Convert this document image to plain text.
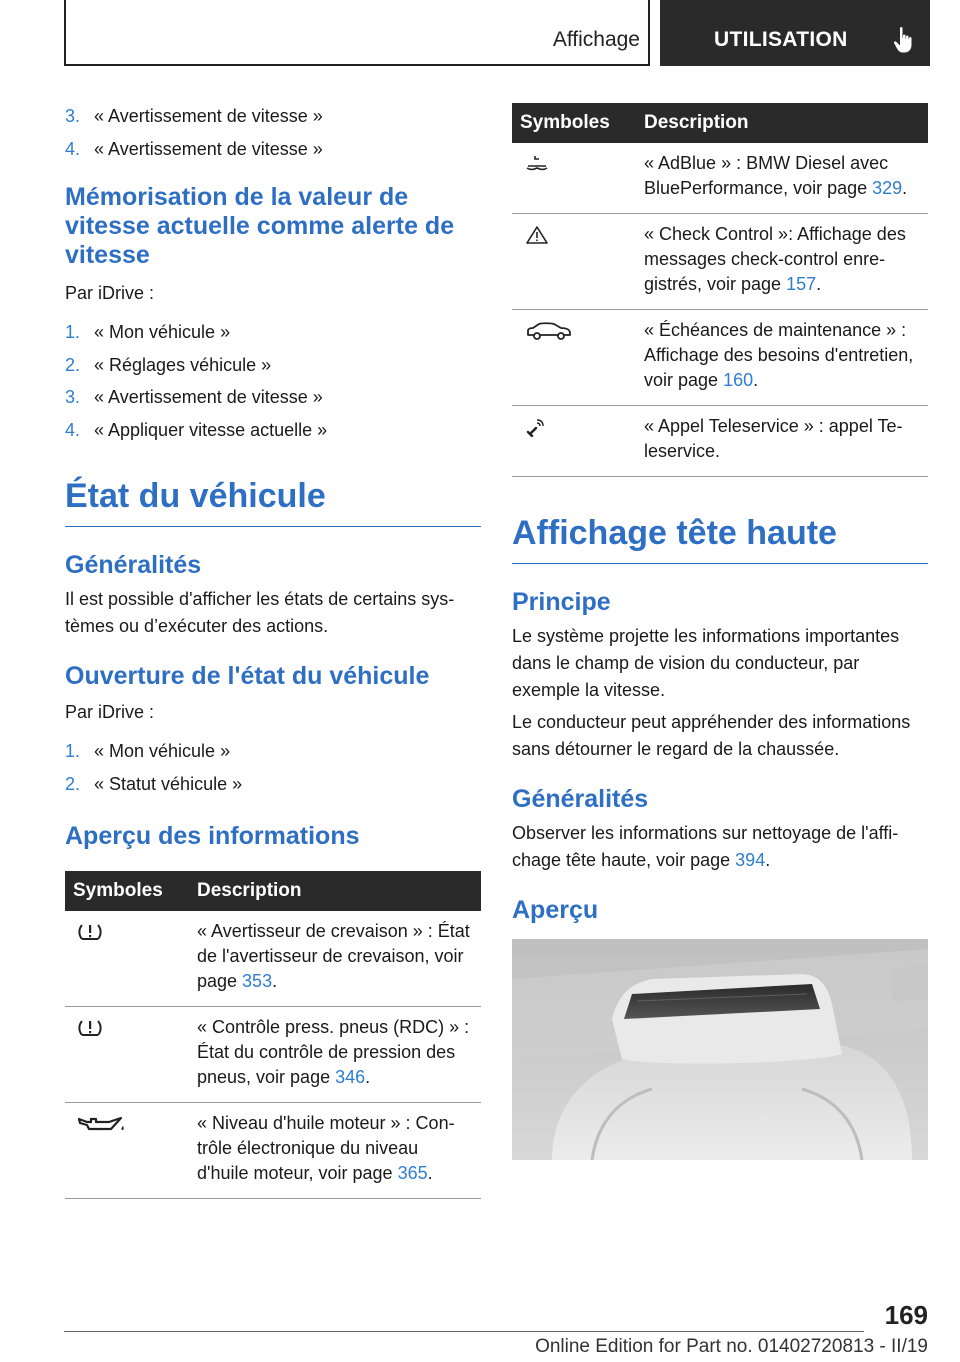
Affichage	UTILISATION
3. « Avertissement de vitesse »
4. « Avertissement de vitesse »
Mémorisation de la valeur de vitesse actuelle comme alerte de vitesse
Par iDrive :
1. « Mon véhicule »
2. « Réglages véhicule »
3. « Avertissement de vitesse »
4. « Appliquer vitesse actuelle »
État du véhicule
Généralités
Il est possible d'afficher les états de certains systèmes ou d’exécuter des actions.
Ouverture de l'état du véhicule
Par iDrive :
1. « Mon véhicule »
2. « Statut véhicule »
Aperçu des informations
Symboles	Description

	« Avertisseur de crevaison » : État de l'avertisseur de crevaison, voir page 353.

	« Contrôle press. pneus (RDC) » : État du contrôle de pression des pneus, voir page 346.

	« Niveau d'huile moteur » : Contrôle électronique du niveau d'huile moteur, voir page 365.
Symboles	Description

	« AdBlue » : BMW Diesel avec BluePerformance, voir page 329.

	« Check Control »: Affichage des messages check-control enregistrés, voir page 157.

	« Échéances de maintenance » : Affichage des besoins d'entretien, voir page 160.

	« Appel Teleservice » : appel Teleservice.
Affichage tête haute
Principe
Le système projette les informations importantes dans le champ de vision du conducteur, par exemple la vitesse.
Le conducteur peut appréhender des informations sans détourner le regard de la chaussée.
Généralités
Observer les informations sur nettoyage de l'affichage tête haute, voir page 394.
Aperçu
169
Online Edition for Part no. 01402720813 - II/19
